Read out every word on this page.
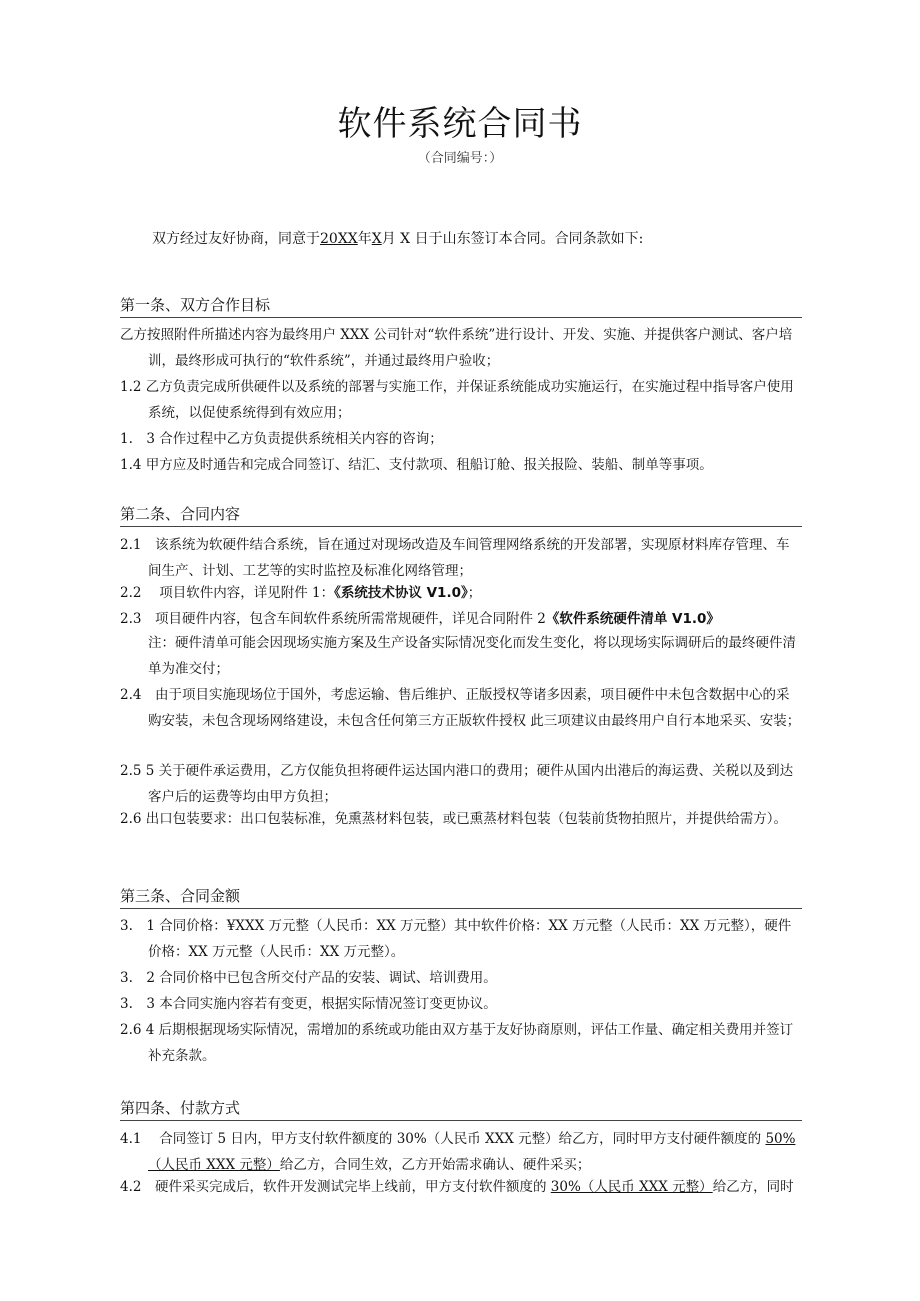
软件系统合同书
（合同编号：）
双方经过友好协商，同意于20XX年X月 X 日于山东签订本合同。合同条款如下:
第一条、双方合作目标
乙方按照附件所描述内容为最终用户 XXX 公司针对“软件系统”进行设计、开发、实施、并提供客户测试、客户培训，最终形成可执行的“软件系统”，并通过最终用户验收；
1.2 乙方负责完成所供硬件以及系统的部署与实施工作，并保证系统能成功实施运行，在实施过程中指导客户使用系统，以促使系统得到有效应用；
1.　3 合作过程中乙方负责提供系统相关内容的咨询；
1.4 甲方应及时通告和完成合同签订、结汇、支付款项、租船订舱、报关报险、装船、制单等事项。
第二条、合同内容
2.1　该系统为软硬件结合系统，旨在通过对现场改造及车间管理网络系统的开发部署，实现原材料库存管理、车间生产、计划、工艺等的实时监控及标准化网络管理；
2.2　 项目软件内容，详见附件 1：《系统技术协议 V1.0》；
2.3　项目硬件内容，包含车间软件系统所需常规硬件，详见合同附件 2《软件系统硬件清单 V1.0》
注：硬件清单可能会因现场实施方案及生产设备实际情况变化而发生变化，将以现场实际调研后的最终硬件清单为准交付；
2.4　由于项目实施现场位于国外，考虑运输、售后维护、正版授权等诸多因素，项目硬件中未包含数据中心的采购安装，未包含现场网络建设，未包含任何第三方正版软件授权 此三项建议由最终用户自行本地采买、安装；
2.5 5 关于硬件承运费用，乙方仅能负担将硬件运达国内港口的费用；硬件从国内出港后的海运费、关税以及到达客户后的运费等均由甲方负担；
2.6 出口包装要求：出口包装标准，免熏蒸材料包装，或已熏蒸材料包装（包装前货物拍照片，并提供给需方）。
第三条、合同金额
3.　1 合同价格：¥XXX 万元整（人民币：XX 万元整）其中软件价格：XX 万元整（人民币：XX 万元整），硬件价格：XX 万元整（人民币：XX 万元整）。
3.　2 合同价格中已包含所交付产品的安装、调试、培训费用。
3.　3 本合同实施内容若有变更，根据实际情况签订变更协议。
2.6 4 后期根据现场实际情况，需增加的系统或功能由双方基于友好协商原则，评估工作量、确定相关费用并签订补充条款。
第四条、付款方式
4.1　 合同签订 5 日内，甲方支付软件额度的 30%（人民币 XXX 元整）给乙方，同时甲方支付硬件额度的 50%（人民币 XXX 元整）给乙方，合同生效，乙方开始需求确认、硬件采买；
4.2　硬件采买完成后，软件开发测试完毕上线前，甲方支付软件额度的 30%（人民币 XXX 元整）给乙方，同时
